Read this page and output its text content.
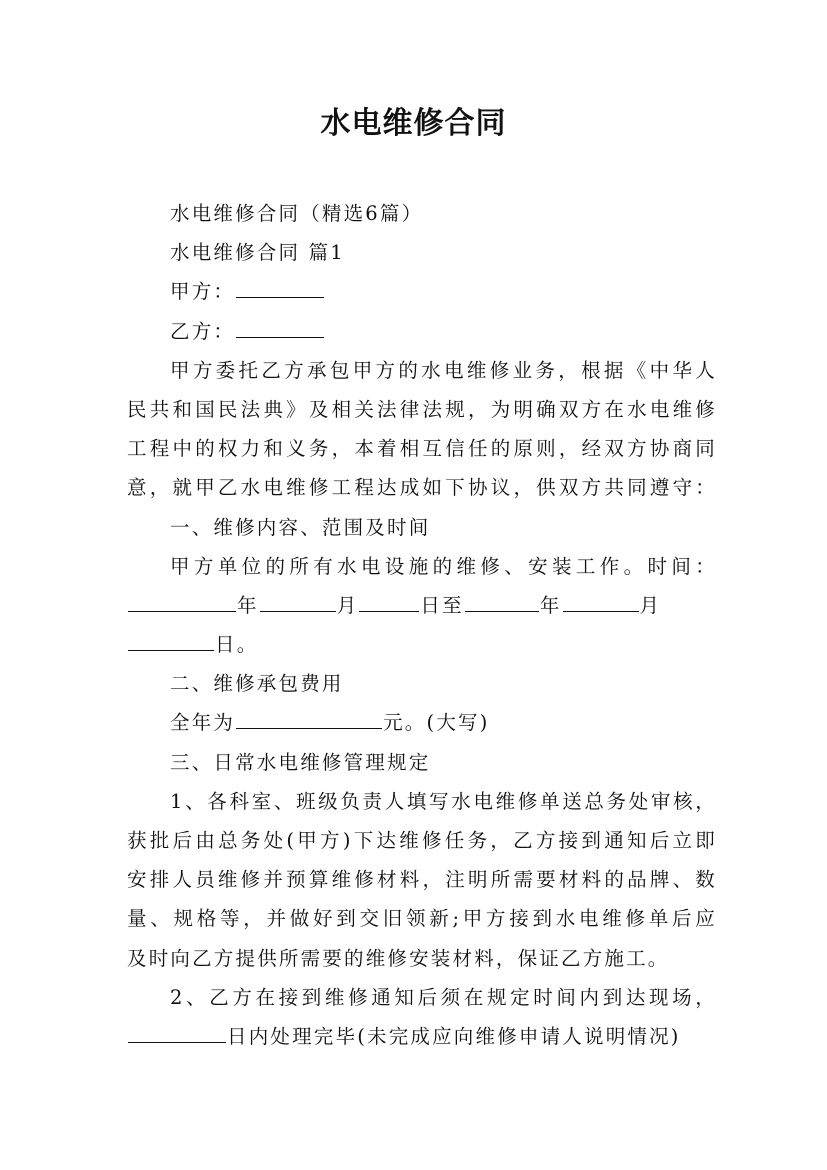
水电维修合同
水电维修合同（精选6篇）
水电维修合同 篇1
甲方：
乙方：
甲方委托乙方承包甲方的水电维修业务，根据《中华人
民共和国民法典》及相关法律法规，为明确双方在水电维修
工程中的权力和义务，本着相互信任的原则，经双方协商同
意，就甲乙水电维修工程达成如下协议，供双方共同遵守：
一、维修内容、范围及时间
甲方单位的所有水电设施的维修、安装工作。时间：
年	月	日至	年	月
日。
二、维修承包费用
全年为	元。(大写)
三、日常水电维修管理规定
1、各科室、班级负责人填写水电维修单送总务处审核，
获批后由总务处(甲方)下达维修任务，乙方接到通知后立即
安排人员维修并预算维修材料，注明所需要材料的品牌、数
量、规格等，并做好到交旧领新;甲方接到水电维修单后应
及时向乙方提供所需要的维修安装材料，保证乙方施工。
2、乙方在接到维修通知后须在规定时间内到达现场，
日内处理完毕(未完成应向维修申请人说明情况)
